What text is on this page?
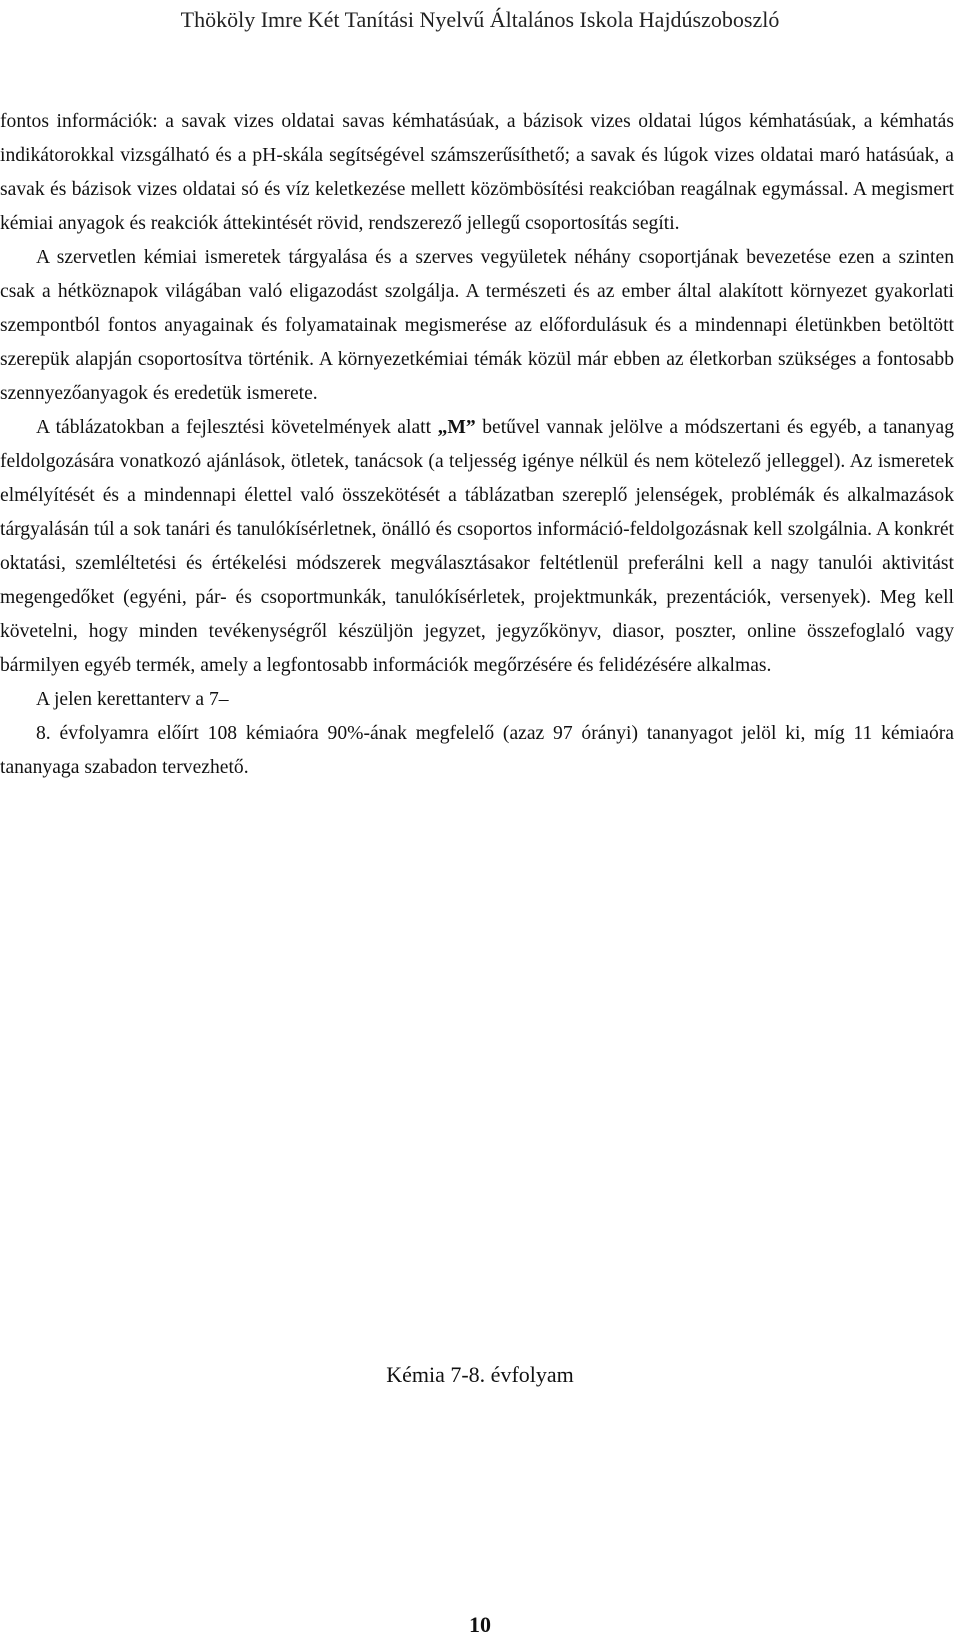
Thököly Imre Két Tanítási Nyelvű Általános Iskola Hajdúszoboszló

fontos információk: a savak vizes oldatai savas kémhatásúak, a bázisok vizes oldatai lúgos kémhatásúak, a kémhatás indikátorokkal vizsgálható és a pH-skála segítségével számszerűsíthető; a savak és lúgok vizes oldatai maró hatásúak, a savak és bázisok vizes oldatai só és víz keletkezése mellett közömbösítési reakcióban reagálnak egymással. A megismert kémiai anyagok és reakciók áttekintését rövid, rendszerező jellegű csoportosítás segíti.

A szervetlen kémiai ismeretek tárgyalása és a szerves vegyületek néhány csoportjának bevezetése ezen a szinten csak a hétköznapok világában való eligazodást szolgálja. A természeti és az ember által alakított környezet gyakorlati szempontból fontos anyagainak és folyamatainak megismerése az előfordulásuk és a mindennapi életünkben betöltött szerepük alapján csoportosítva történik. A környezetkémiai témák közül már ebben az életkorban szükséges a fontosabb szennyezőanyagok és eredetük ismerete.

A táblázatokban a fejlesztési követelmények alatt „M” betűvel vannak jelölve a módszertani és egyéb, a tananyag feldolgozására vonatkozó ajánlások, ötletek, tanácsok (a teljesség igénye nélkül és nem kötelező jelleggel). Az ismeretek elmélyítését és a mindennapi élettel való összekötését a táblázatban szereplő jelenségek, problémák és alkalmazások tárgyalásán túl a sok tanári és tanulókísérletnek, önálló és csoportos információ-feldolgozásnak kell szolgálnia. A konkrét oktatási, szemléltetési és értékelési módszerek megválasztásakor feltétlenül preferálni kell a nagy tanulói aktivitást megengedőket (egyéni, pár- és csoportmunkák, tanulókísérletek, projektmunkák, prezentációk, versenyek). Meg kell követelni, hogy minden tevékenységről készüljön jegyzet, jegyzőkönyv, diasor, poszter, online összefoglaló vagy bármilyen egyéb termék, amely a legfontosabb információk megőrzésére és felidézésére alkalmas.

A jelen kerettanterv a 7–

8. évfolyamra előírt 108 kémiaóra 90%-ának megfelelő (azaz 97 órányi) tananyagot jelöl ki, míg 11 kémiaóra tananyaga szabadon tervezhető.

Kémia 7-8. évfolyam
10
